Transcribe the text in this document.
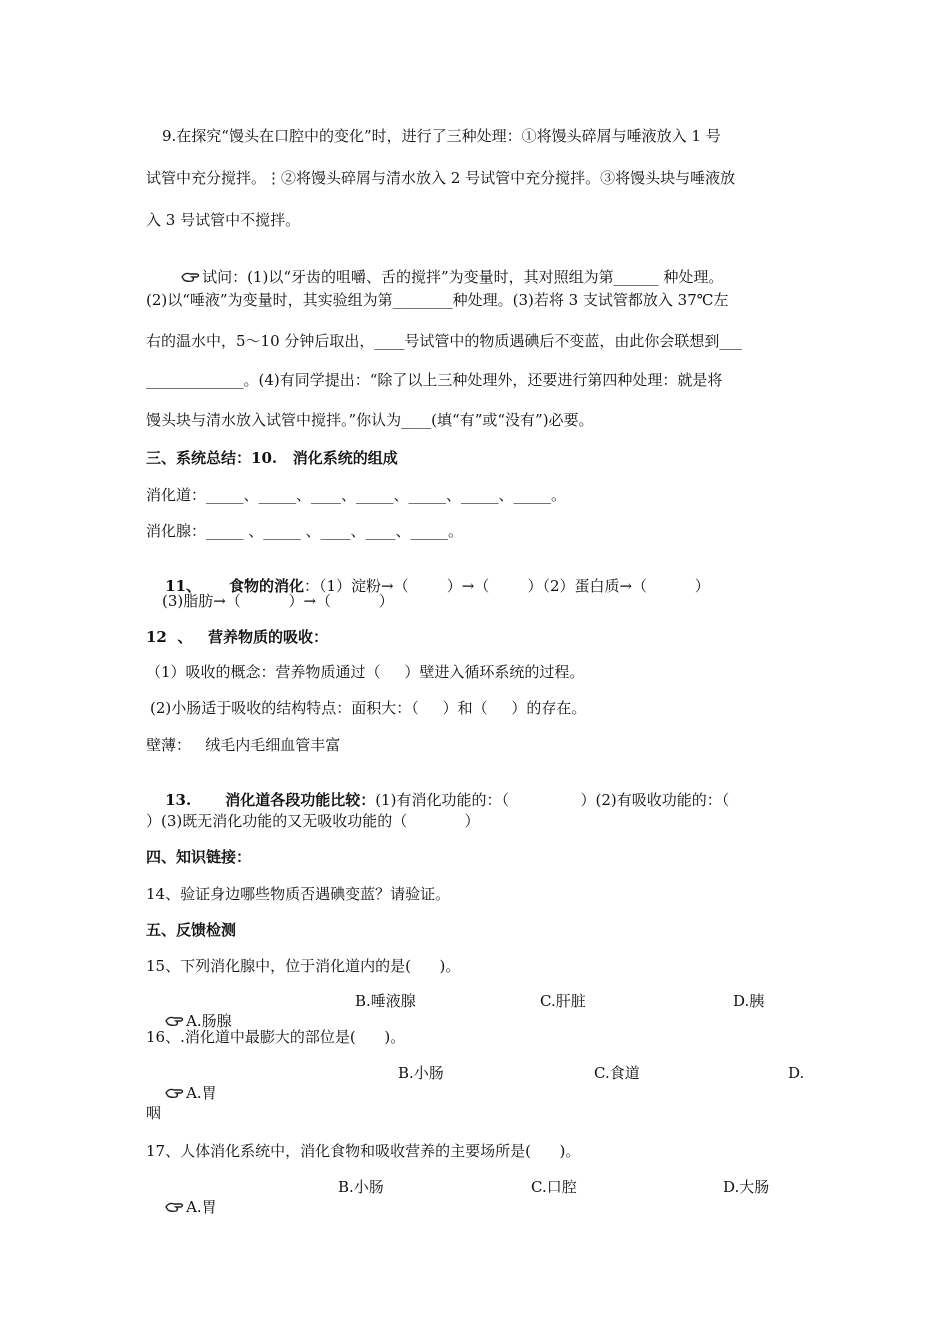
9.在探究“馒头在口腔中的变化”时，进行了三种处理：①将馒头碎屑与唾液放入 1 号
试管中充分搅拌。⋮②将馒头碎屑与清水放入 2 号试管中充分搅拌。③将馒头块与唾液放
入 3 号试管中不搅拌。

试问：(1)以“牙齿的咀嚼、舌的搅拌”为变量时，其对照组为第______ 种处理。

(2)以“唾液”为变量时，其实验组为第________种处理。(3)若将 3 支试管都放入 37℃左
右的温水中，5～10 分钟后取出，____号试管中的物质遇碘后不变蓝，由此你会联想到___
_____________。(4)有同学提出：“除了以上三种处理外，还要进行第四种处理：就是将
馒头块与清水放入试管中搅拌。”你认为____(填“有”或“没有”)必要。
三、系统总结：10.   消化系统的组成
消化道：_____、_____、____、_____、_____、_____、_____。
消化腺：_____ 、_____ 、____、____、_____。

11、 食物的消化：（1）淀粉→（        ）→（        ）（2）蛋白质→（          ）

(3)脂肪→（          ）→（          ）
12  、   营养物质的吸收：
（1）吸收的概念：营养物质通过（     ）壁进入循环系统的过程。
(2)小肠适于吸收的结构特点：面积大：（     ）和（     ）的存在。
壁薄：   绒毛内毛细血管丰富

13. 消化道各段功能比较：(1)有消化功能的：（               ）(2)有吸收功能的：（

）(3)既无消化功能的又无吸收功能的（            ）
四、知识链接：
14、验证身边哪些物质否遇碘变蓝？请验证。
五、反馈检测
15、下列消化腺中，位于消化道内的是(      )。

A.肠腺

B.唾液腺	C.肝脏	D.胰
16、.消化道中最膨大的部位是(      )。

A.胃

B.小肠	C.食道	D.
咽
17、人体消化系统中，消化食物和吸收营养的主要场所是(      )。

A.胃

B.小肠	C.口腔	D.大肠
